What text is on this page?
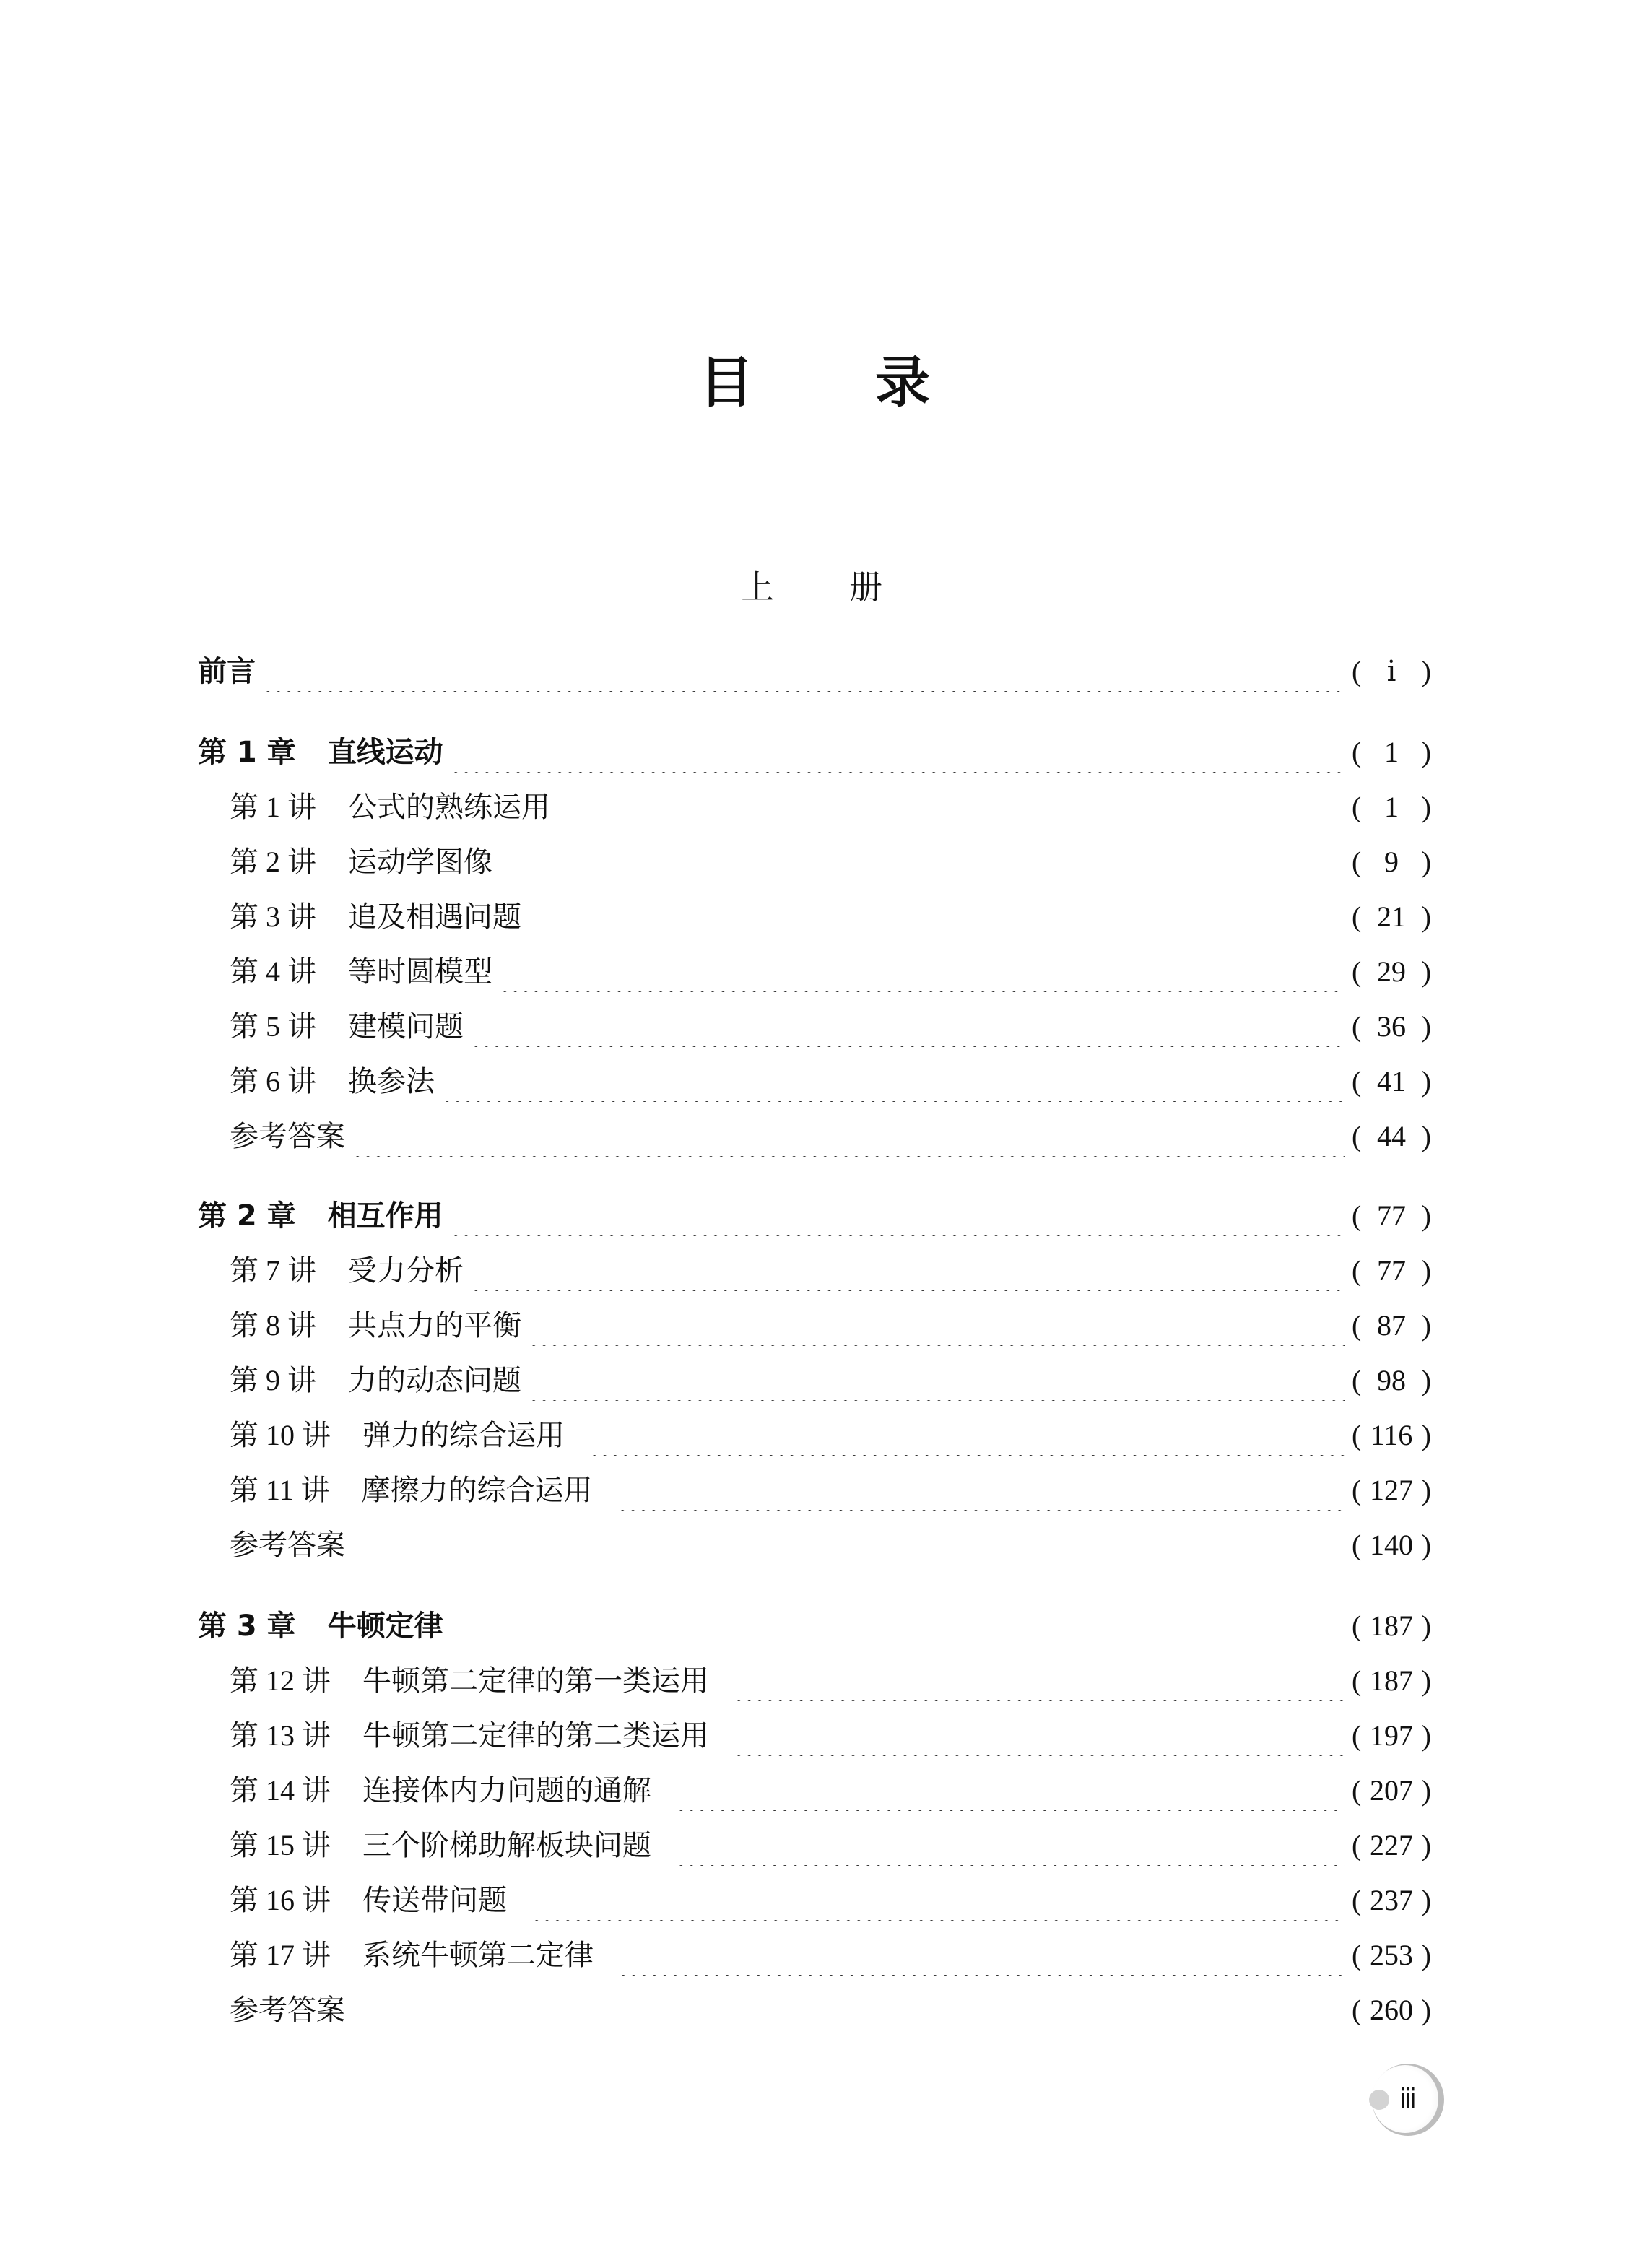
目 录
上 册
前言	( ⅰ )
第 1 章 直线运动	( 1 )
第 1 讲 公式的熟练运用	( 1 )
第 2 讲 运动学图像	( 9 )
第 3 讲 追及相遇问题	( 21 )
第 4 讲 等时圆模型	( 29 )
第 5 讲 建模问题	( 36 )
第 6 讲 换参法	( 41 )
参考答案	( 44 )
第 2 章 相互作用	( 77 )
第 7 讲 受力分析	( 77 )
第 8 讲 共点力的平衡	( 87 )
第 9 讲 力的动态问题	( 98 )
第 10 讲 弹力的综合运用	( 116 )
第 11 讲 摩擦力的综合运用	( 127 )
参考答案	( 140 )
第 3 章 牛顿定律	( 187 )
第 12 讲 牛顿第二定律的第一类运用	( 187 )
第 13 讲 牛顿第二定律的第二类运用	( 197 )
第 14 讲 连接体内力问题的通解	( 207 )
第 15 讲 三个阶梯助解板块问题	( 227 )
第 16 讲 传送带问题	( 237 )
第 17 讲 系统牛顿第二定律	( 253 )
参考答案	( 260 )
ⅲ
